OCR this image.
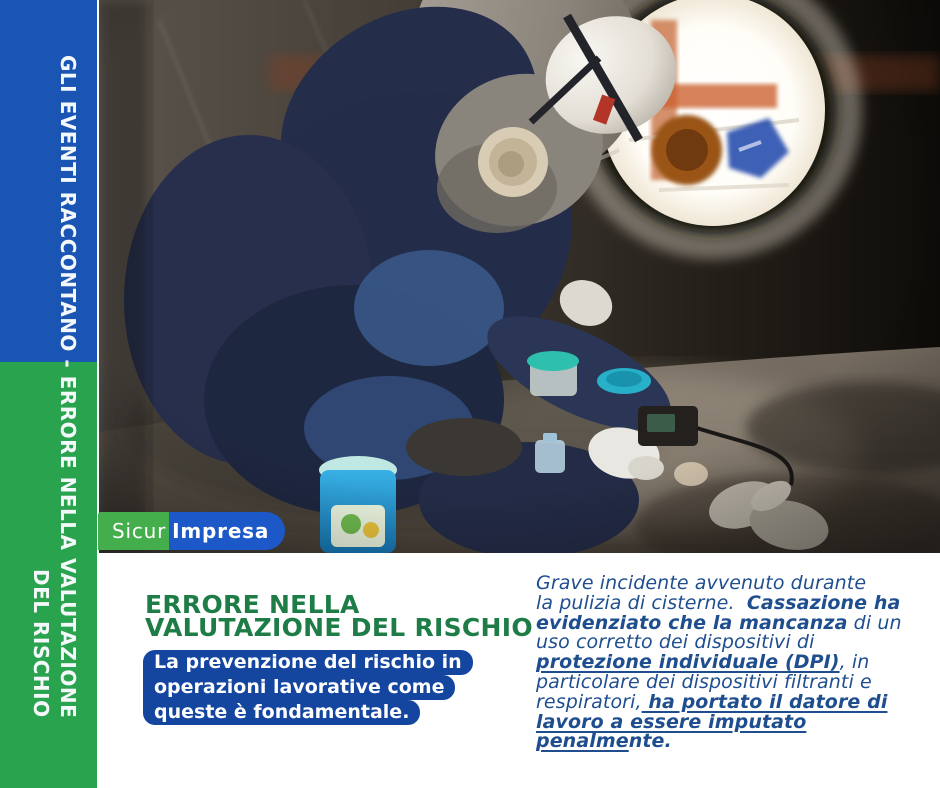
GLI EVENTI RACCONTANO - ERRORE NELLA VALUTAZIONE
DEL RISCHIO
Sicur Impresa
ERRORE NELLA
VALUTAZIONE DEL RISCHIO
La prevenzione del rischio in
operazioni lavorative come
queste è fondamentale.

Grave incidente avvenuto durante
la pulizia di cisterne.  Cassazione ha
evidenziato che la mancanza di un
uso corretto dei dispositivi di
protezione individuale (DPI), in
particolare dei dispositivi filtranti e
respiratori, ha portato il datore di
lavoro a essere imputato
penalmente.
